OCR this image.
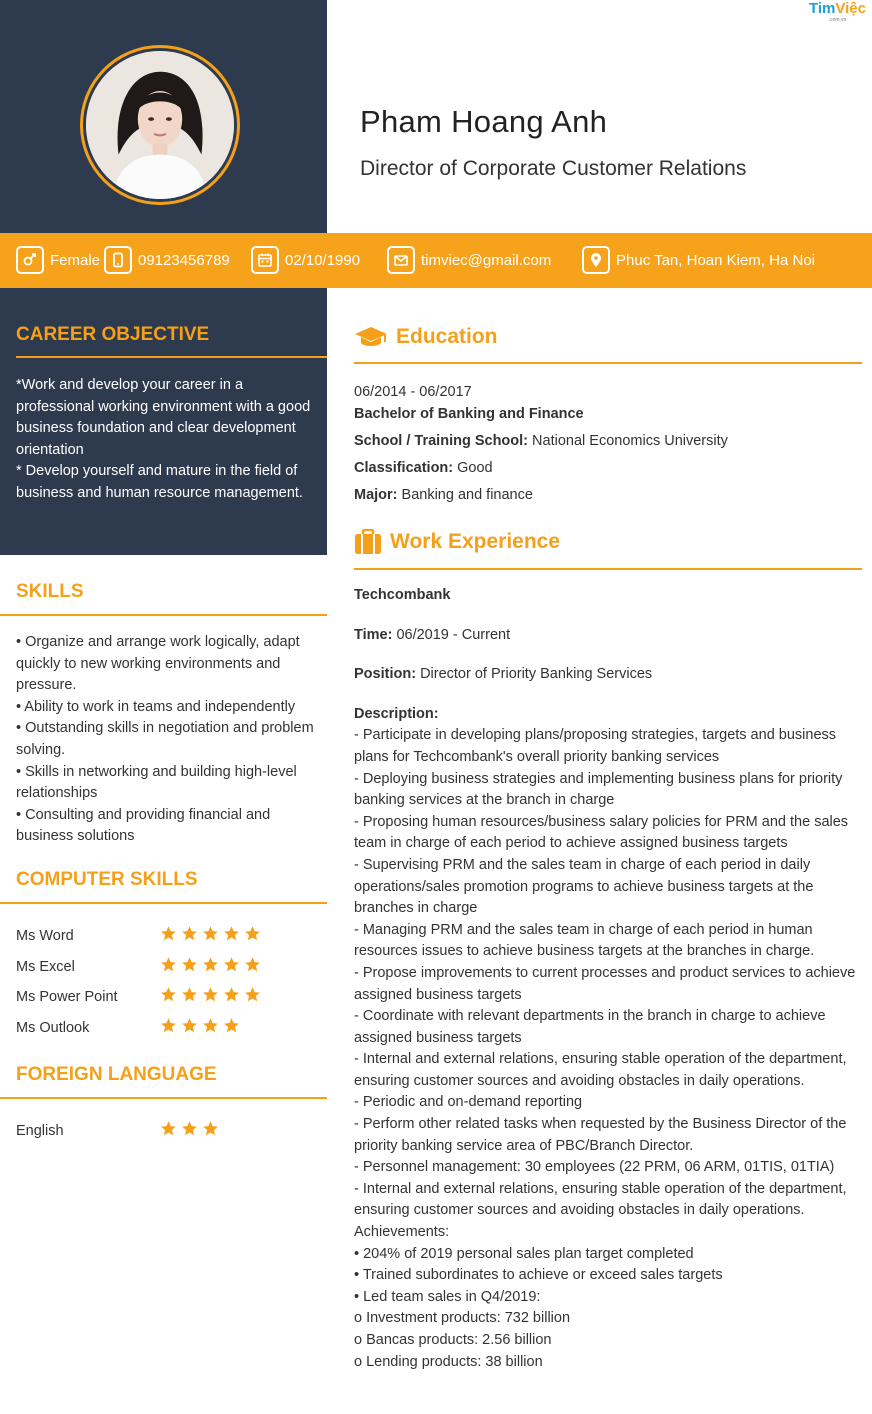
Pham Hoang Anh
Director of Corporate Customer Relations
TimViệc
.com.vn
Female	09123456789	02/10/1990	timviec@gmail.com	Phuc Tan, Hoan Kiem, Ha Noi
CAREER OBJECTIVE
*Work and develop your career in a professional working environment with a good business foundation and clear development orientation
* Develop yourself and mature in the field of business and human resource management.
SKILLS
• Organize and arrange work logically, adapt quickly to new working environments and pressure.
• Ability to work in teams and independently
• Outstanding skills in negotiation and problem solving.
• Skills in networking and building high-level relationships
• Consulting and providing financial and business solutions
COMPUTER SKILLS
Ms Word
Ms Excel
Ms Power Point
Ms Outlook
FOREIGN LANGUAGE
English
Education
06/2014 - 06/2017
Bachelor of Banking and Finance
School / Training School: National Economics University
Classification: Good
Major: Banking and finance
Work Experience
Techcombank
Time: 06/2019 - Current
Position: Director of Priority Banking Services
Description:
- Participate in developing plans/proposing strategies, targets and business plans for Techcombank's overall priority banking services
- Deploying business strategies and implementing business plans for priority banking services at the branch in charge
- Proposing human resources/business salary policies for PRM and the sales team in charge of each period to achieve assigned business targets
- Supervising PRM and the sales team in charge of each period in daily operations/sales promotion programs to achieve business targets at the branches in charge
- Managing PRM and the sales team in charge of each period in human resources issues to achieve business targets at the branches in charge.
- Propose improvements to current processes and product services to achieve assigned business targets
- Coordinate with relevant departments in the branch in charge to achieve assigned business targets
- Internal and external relations, ensuring stable operation of the department, ensuring customer sources and avoiding obstacles in daily operations.
- Periodic and on-demand reporting
- Perform other related tasks when requested by the Business Director of the priority banking service area of PBC/Branch Director.
- Personnel management: 30 employees (22 PRM, 06 ARM, 01TIS, 01TIA)
- Internal and external relations, ensuring stable operation of the department, ensuring customer sources and avoiding obstacles in daily operations.
Achievements:
• 204% of 2019 personal sales plan target completed
• Trained subordinates to achieve or exceed sales targets
• Led team sales in Q4/2019:
o Investment products: 732 billion
o Bancas products: 2.56 billion
o Lending products: 38 billion
